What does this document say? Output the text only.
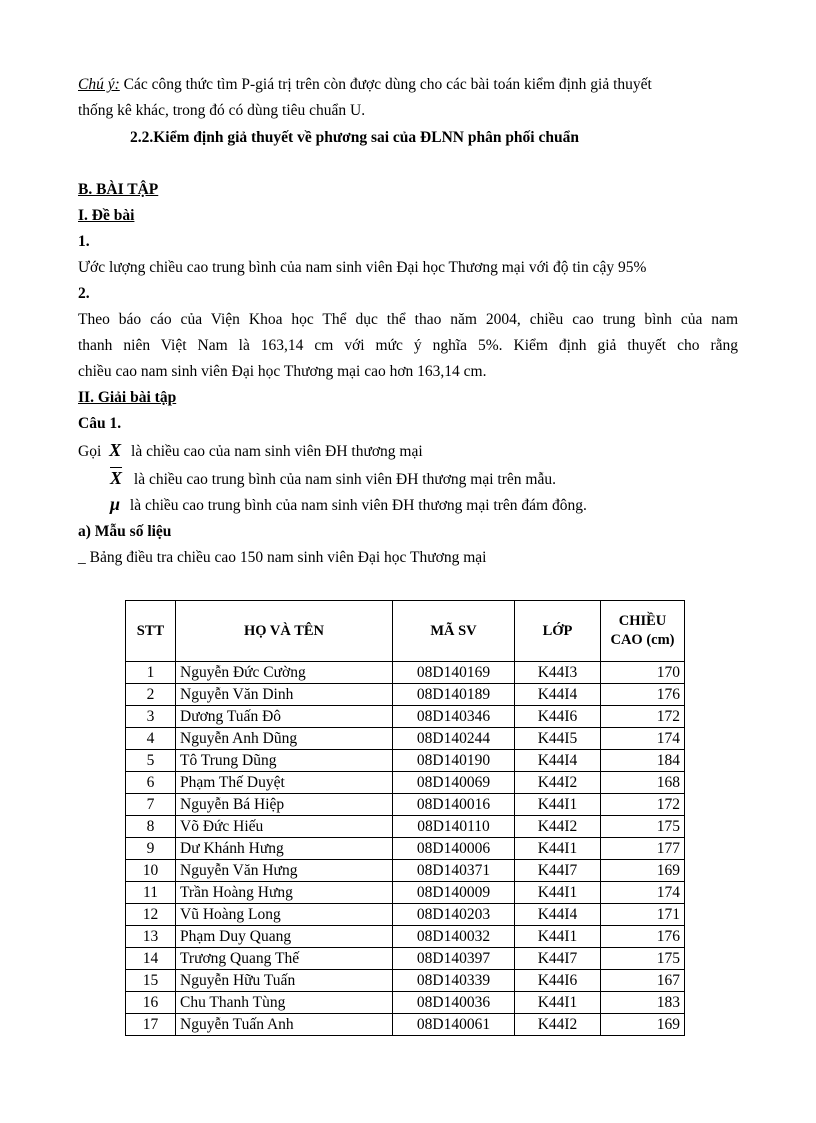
Chú ý: Các công thức tìm P-giá trị trên còn được dùng cho các bài toán kiểm định giả thuyết
thống kê khác, trong đó có dùng tiêu chuẩn U.
2.2.Kiểm định giả thuyết về phương sai của ĐLNN phân phối chuẩn
B. BÀI TẬP
I. Đề bài
1.
Ước lượng chiều cao trung bình của nam sinh viên Đại học Thương mại với độ tin cậy 95%
2.
Theo báo cáo của Viện Khoa học Thể dục thể thao năm 2004, chiều cao trung bình của nam
thanh niên Việt Nam là 163,14 cm với mức ý nghĩa 5%. Kiểm định giả thuyết cho rằng
chiều cao nam sinh viên Đại học Thương mại cao hơn 163,14 cm.
II. Giải bài tập
Câu 1.
Gọi X là chiều cao của nam sinh viên ĐH thương mại
$\overline{X}$ là chiều cao trung bình của nam sinh viên ĐH thương mại trên mẫu.
μ là chiều cao trung bình của nam sinh viên ĐH thương mại trên đám đông.
a) Mẫu số liệu
_ Bảng điều tra chiều cao 150 nam sinh viên Đại học Thương mại
STT	HỌ VÀ TÊN	MÃ SV	LỚP	CHIỀU CAO (cm)
1	Nguyễn Đức Cường	08D140169	K44I3	170
2	Nguyễn Văn Dinh	08D140189	K44I4	176
3	Dương Tuấn Đô	08D140346	K44I6	172
4	Nguyễn Anh Dũng	08D140244	K44I5	174
5	Tô Trung Dũng	08D140190	K44I4	184
6	Phạm Thế Duyệt	08D140069	K44I2	168
7	Nguyễn Bá Hiệp	08D140016	K44I1	172
8	Võ Đức Hiếu	08D140110	K44I2	175
9	Dư Khánh Hưng	08D140006	K44I1	177
10	Nguyễn Văn Hưng	08D140371	K44I7	169
11	Trần Hoàng Hưng	08D140009	K44I1	174
12	Vũ Hoàng Long	08D140203	K44I4	171
13	Phạm Duy Quang	08D140032	K44I1	176
14	Trương Quang Thế	08D140397	K44I7	175
15	Nguyễn Hữu Tuấn	08D140339	K44I6	167
16	Chu Thanh Tùng	08D140036	K44I1	183
17	Nguyễn Tuấn Anh	08D140061	K44I2	169
